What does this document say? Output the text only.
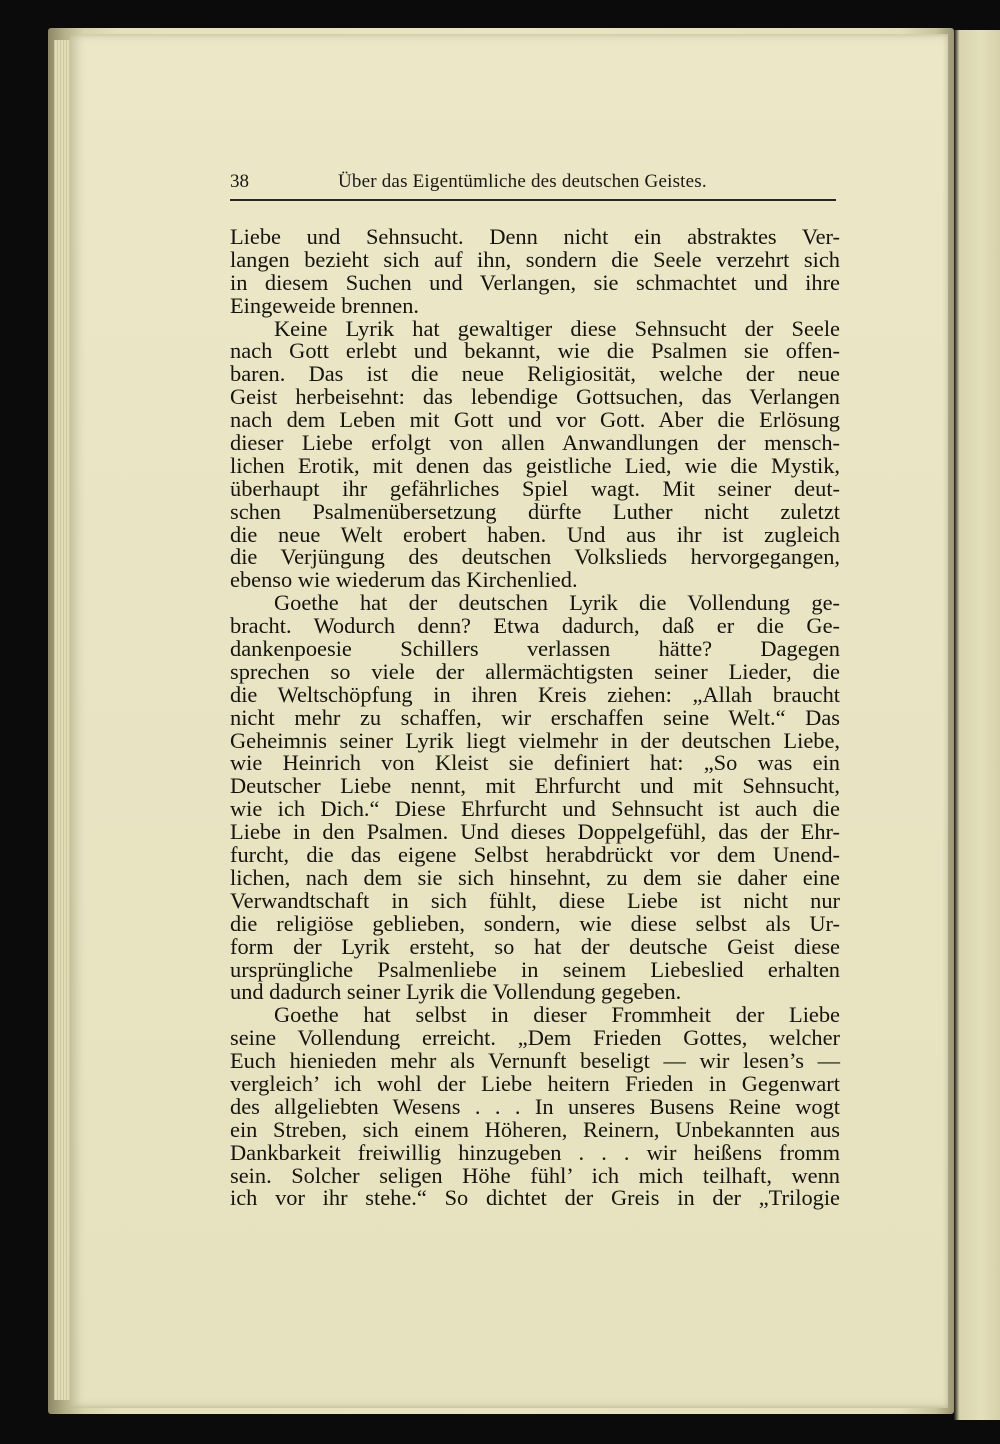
38	Über das Eigentümliche des deutschen Geistes.
Liebe und Sehnsucht. Denn nicht ein abstraktes Ver-
langen bezieht sich auf ihn, sondern die Seele verzehrt sich
in diesem Suchen und Verlangen, sie schmachtet und ihre
Eingeweide brennen.
Keine Lyrik hat gewaltiger diese Sehnsucht der Seele
nach Gott erlebt und bekannt, wie die Psalmen sie offen-
baren. Das ist die neue Religiosität, welche der neue
Geist herbeisehnt: das lebendige Gottsuchen, das Verlangen
nach dem Leben mit Gott und vor Gott. Aber die Erlösung
dieser Liebe erfolgt von allen Anwandlungen der mensch-
lichen Erotik, mit denen das geistliche Lied, wie die Mystik,
überhaupt ihr gefährliches Spiel wagt. Mit seiner deut-
schen Psalmenübersetzung dürfte Luther nicht zuletzt
die neue Welt erobert haben. Und aus ihr ist zugleich
die Verjüngung des deutschen Volkslieds hervorgegangen,
ebenso wie wiederum das Kirchenlied.
Goethe hat der deutschen Lyrik die Vollendung ge-
bracht. Wodurch denn? Etwa dadurch, daß er die Ge-
dankenpoesie Schillers verlassen hätte? Dagegen
sprechen so viele der allermächtigsten seiner Lieder, die
die Weltschöpfung in ihren Kreis ziehen: „Allah braucht
nicht mehr zu schaffen, wir erschaffen seine Welt.“ Das
Geheimnis seiner Lyrik liegt vielmehr in der deutschen Liebe,
wie Heinrich von Kleist sie definiert hat: „So was ein
Deutscher Liebe nennt, mit Ehrfurcht und mit Sehnsucht,
wie ich Dich.“ Diese Ehrfurcht und Sehnsucht ist auch die
Liebe in den Psalmen. Und dieses Doppelgefühl, das der Ehr-
furcht, die das eigene Selbst herabdrückt vor dem Unend-
lichen, nach dem sie sich hinsehnt, zu dem sie daher eine
Verwandtschaft in sich fühlt, diese Liebe ist nicht nur
die religiöse geblieben, sondern, wie diese selbst als Ur-
form der Lyrik ersteht, so hat der deutsche Geist diese
ursprüngliche Psalmenliebe in seinem Liebeslied erhalten
und dadurch seiner Lyrik die Vollendung gegeben.
Goethe hat selbst in dieser Frommheit der Liebe
seine Vollendung erreicht. „Dem Frieden Gottes, welcher
Euch hienieden mehr als Vernunft beseligt — wir lesen’s —
vergleich’ ich wohl der Liebe heitern Frieden in Gegenwart
des allgeliebten Wesens . . . In unseres Busens Reine wogt
ein Streben, sich einem Höheren, Reinern, Unbekannten aus
Dankbarkeit freiwillig hinzugeben . . . wir heißens fromm
sein. Solcher seligen Höhe fühl’ ich mich teilhaft, wenn
ich vor ihr stehe.“ So dichtet der Greis in der „Trilogie
